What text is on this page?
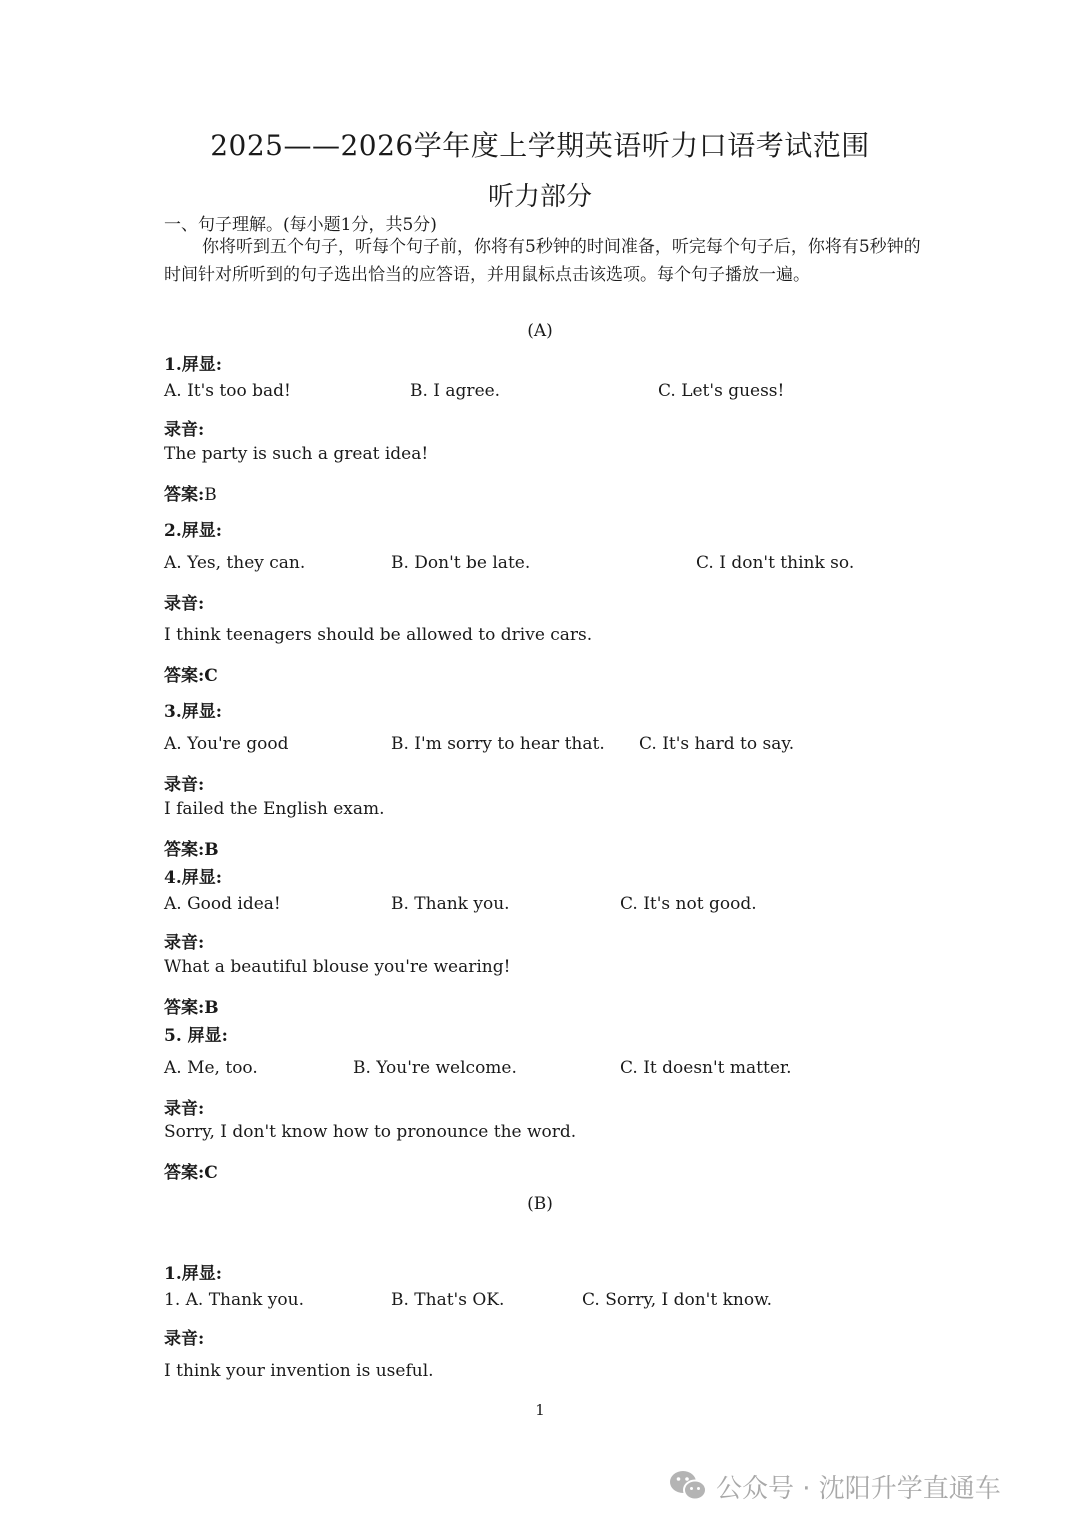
2025——2026学年度上学期英语听力口语考试范围
听力部分
一、句子理解。(每小题1分，共5分)
你将听到五个句子，听每个句子前，你将有5秒钟的时间准备，听完每个句子后，你将有5秒钟的时间针对所听到的句子选出恰当的应答语，并用鼠标点击该选项。每个句子播放一遍。
(A)
1.屏显:
A. It's too bad!	B. I agree.	C. Let's guess!
录音:
The party is such a great idea!
答案:B
2.屏显:
A. Yes, they can.	B. Don't be late.	C. I don't think so.
录音:
I think teenagers should be allowed to drive cars.
答案:C
3.屏显:
A. You're good	B. I'm sorry to hear that. C. It's hard to say.
录音:
I failed the English exam.
答案:B
4.屏显:
A. Good idea!	B. Thank you.	C. It's not good.
录音:
What a beautiful blouse you're wearing!
答案:B
5. 屏显:
A. Me, too.	B. You're welcome.	C. It doesn't matter.
录音:
Sorry, I don't know how to pronounce the word.
答案:C
(B)
1.屏显:
1. A. Thank you.	B. That's OK.	C. Sorry, I don't know.
录音:
I think your invention is useful.
1
公众号 · 沈阳升学直通车
